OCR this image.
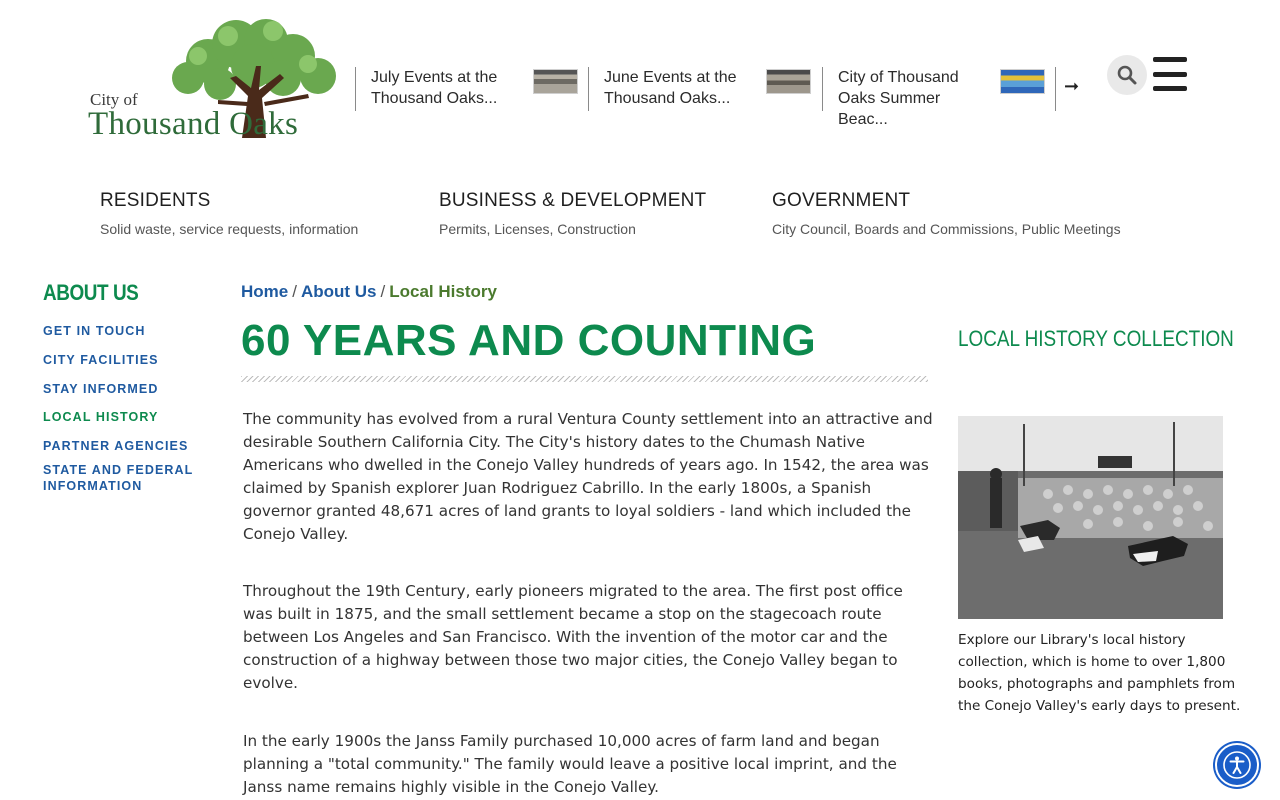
City of
Thousand Oaks
July Events at the Thousand Oaks...
June Events at the Thousand Oaks...
City of Thousand Oaks Summer Beac...
➞
RESIDENTS
Solid waste, service requests, information
BUSINESS & DEVELOPMENT
Permits, Licenses, Construction
GOVERNMENT
City Council, Boards and Commissions, Public Meetings
ABOUT US
GET IN TOUCH
CITY FACILITIES
STAY INFORMED
LOCAL HISTORY
PARTNER AGENCIES
STATE AND FEDERAL INFORMATION
Home / About Us / Local History
60 YEARS AND COUNTING

The community has evolved from a rural Ventura County settlement into an attractive and desirable Southern California City. The City's history dates to the Chumash Native Americans who dwelled in the Conejo Valley hundreds of years ago. In 1542, the area was claimed by Spanish explorer Juan Rodriguez Cabrillo. In the early 1800s, a Spanish governor granted 48,671 acres of land grants to loyal soldiers - land which included the Conejo Valley.

Throughout the 19th Century, early pioneers migrated to the area. The first post office was built in 1875, and the small settlement became a stop on the stagecoach route between Los Angeles and San Francisco. With the invention of the motor car and the construction of a highway between those two major cities, the Conejo Valley began to evolve.

In the early 1900s the Janss Family purchased 10,000 acres of farm land and began planning a "total community." The family would leave a positive local imprint, and the Janss name remains highly visible in the Conejo Valley.

LOCAL HISTORY COLLECTION

Explore our Library's local history collection, which is home to over 1,800 books, photographs and pamphlets from the Conejo Valley's early days to present.
